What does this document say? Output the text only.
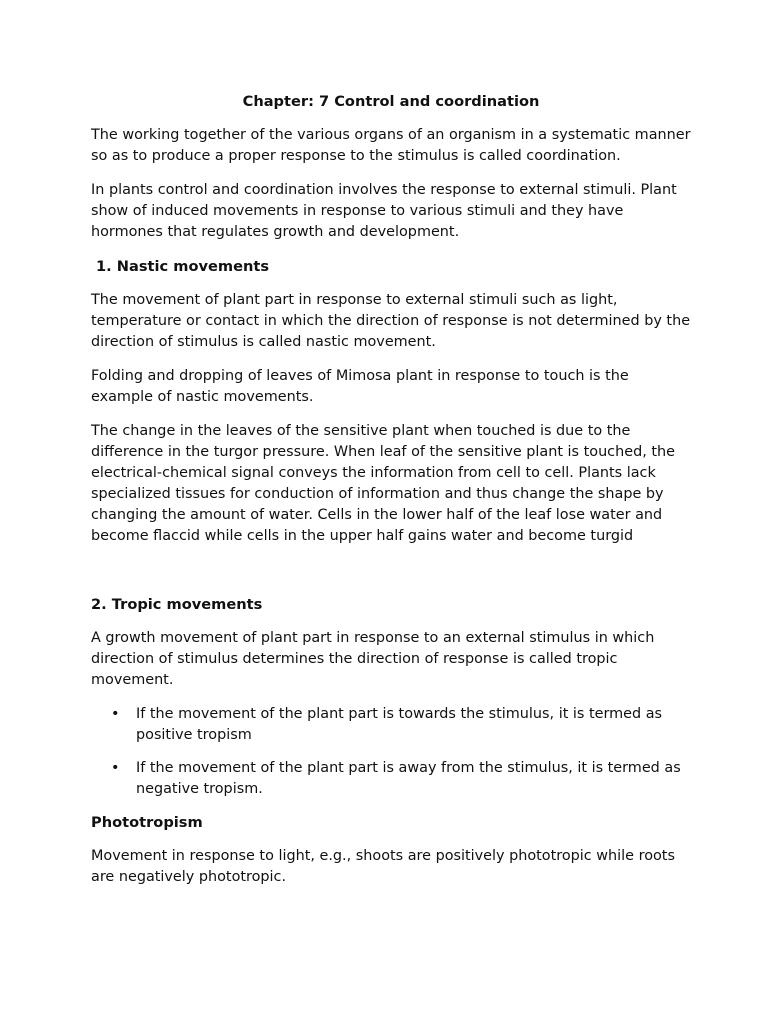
Chapter: 7 Control and coordination

The working together of the various organs of an organism in a systematic manner so as to produce a proper response to the stimulus is called coordination.

In plants control and coordination involves the response to external stimuli. Plant show of induced movements in response to various stimuli and they have hormones that regulates growth and development.

1. Nastic movements

The movement of plant part in response to external stimuli such as light, temperature or contact in which the direction of response is not determined by the direction of stimulus is called nastic movement.

Folding and dropping of leaves of Mimosa plant in response to touch is the example of nastic movements.

The change in the leaves of the sensitive plant when touched is due to the difference in the turgor pressure. When leaf of the sensitive plant is touched, the electrical-chemical signal conveys the information from cell to cell. Plants lack specialized tissues for conduction of information and thus change the shape by changing the amount of water. Cells in the lower half of the leaf lose water and become flaccid while cells in the upper half gains water and become turgid

2. Tropic movements

A growth movement of plant part in response to an external stimulus in which direction of stimulus determines the direction of response is called tropic movement.

• If the movement of the plant part is towards the stimulus, it is termed as positive tropism
• If the movement of the plant part is away from the stimulus, it is termed as negative tropism.
Phototropism

Movement in response to light, e.g., shoots are positively phototropic while roots are negatively phototropic.
